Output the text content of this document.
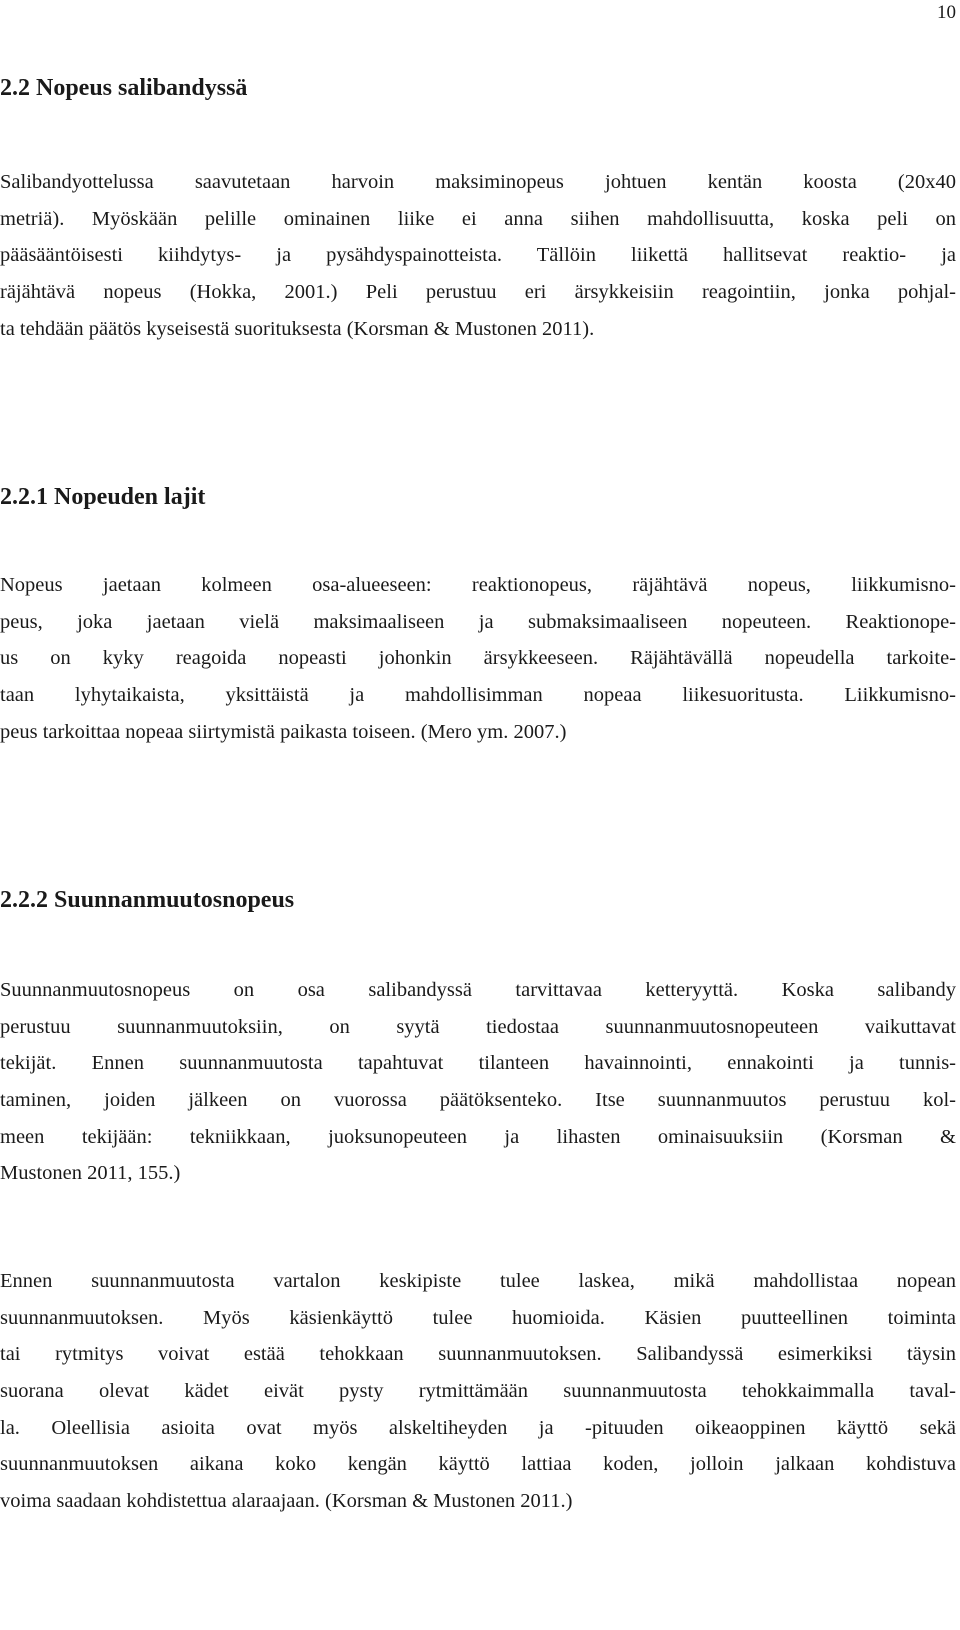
10
2.2 Nopeus salibandyssä
Salibandyottelussa saavutetaan harvoin maksiminopeus johtuen kentän koosta (20x40
metriä). Myöskään pelille ominainen liike ei anna siihen mahdollisuutta, koska peli on
pääsääntöisesti kiihdytys- ja pysähdyspainotteista. Tällöin liikettä hallitsevat reaktio- ja
räjähtävä nopeus (Hokka, 2001.) Peli perustuu eri ärsykkeisiin reagointiin, jonka pohjal-
ta tehdään päätös kyseisestä suorituksesta (Korsman & Mustonen 2011).
2.2.1 Nopeuden lajit
Nopeus jaetaan kolmeen osa-alueeseen: reaktionopeus, räjähtävä nopeus, liikkumisno-
peus, joka jaetaan vielä maksimaaliseen ja submaksimaaliseen nopeuteen. Reaktionope-
us on kyky reagoida nopeasti johonkin ärsykkeeseen. Räjähtävällä nopeudella tarkoite-
taan lyhytaikaista, yksittäistä ja mahdollisimman nopeaa liikesuoritusta. Liikkumisno-
peus tarkoittaa nopeaa siirtymistä paikasta toiseen. (Mero ym. 2007.)
2.2.2 Suunnanmuutosnopeus
Suunnanmuutosnopeus on osa salibandyssä tarvittavaa ketteryyttä. Koska salibandy
perustuu suunnanmuutoksiin, on syytä tiedostaa suunnanmuutosnopeuteen vaikuttavat
tekijät. Ennen suunnanmuutosta tapahtuvat tilanteen havainnointi, ennakointi ja tunnis-
taminen, joiden jälkeen on vuorossa päätöksenteko. Itse suunnanmuutos perustuu kol-
meen tekijään: tekniikkaan, juoksunopeuteen ja lihasten ominaisuuksiin (Korsman &
Mustonen 2011, 155.)
Ennen suunnanmuutosta vartalon keskipiste tulee laskea, mikä mahdollistaa nopean
suunnanmuutoksen. Myös käsienkäyttö tulee huomioida. Käsien puutteellinen toiminta
tai rytmitys voivat estää tehokkaan suunnanmuutoksen. Salibandyssä esimerkiksi täysin
suorana olevat kädet eivät pysty rytmittämään suunnanmuutosta tehokkaimmalla taval-
la. Oleellisia asioita ovat myös alskeltiheyden ja -pituuden oikeaoppinen käyttö sekä
suunnanmuutoksen aikana koko kengän käyttö lattiaa koden, jolloin jalkaan kohdistuva
voima saadaan kohdistettua alaraajaan. (Korsman & Mustonen 2011.)
